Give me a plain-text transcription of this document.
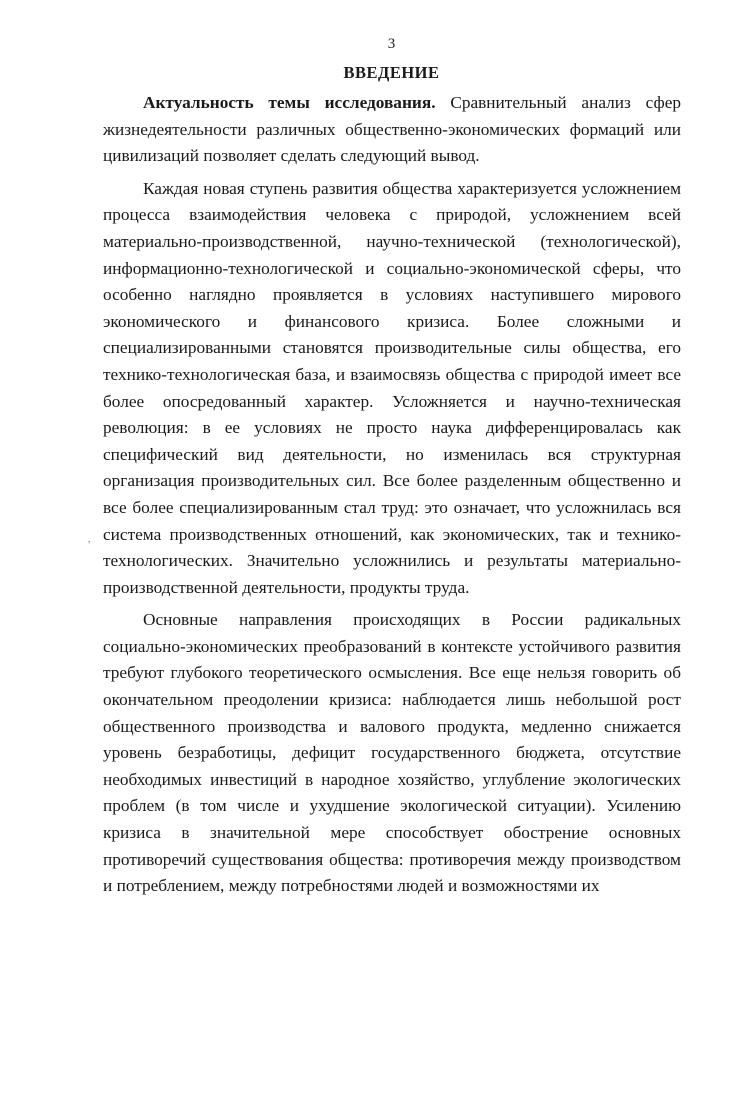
3
ВВЕДЕНИЕ

Актуальность темы исследования. Сравнительный анализ сфер жизнедеятельности различных общественно-экономических формаций или цивилизаций позволяет сделать следующий вывод.

Каждая новая ступень развития общества характеризуется усложнением процесса взаимодействия человека с природой, усложнением всей материально-производственной, научно-технической (технологической), информационно-технологической и социально-экономической сферы, что особенно наглядно проявляется в условиях наступившего мирового экономического и финансового кризиса. Более сложными и специализированными становятся производительные силы общества, его технико-технологическая база, и взаимосвязь общества с природой имеет все более опосредованный характер. Усложняется и научно-техническая революция: в ее условиях не просто наука дифференцировалась как специфический вид деятельности, но изменилась вся структурная организация производительных сил. Все более разделенным общественно и все более специализированным стал труд: это означает, что усложнилась вся система производственных отношений, как экономических, так и технико-технологических. Значительно усложнились и результаты материально-производственной деятельности, продукты труда.

Основные направления происходящих в России радикальных социально-экономических преобразований в контексте устойчивого развития требуют глубокого теоретического осмысления. Все еще нельзя говорить об окончательном преодолении кризиса: наблюдается лишь небольшой рост общественного производства и валового продукта, медленно снижается уровень безработицы, дефицит государственного бюджета, отсутствие необходимых инвестиций в народное хозяйство, углубление экологических проблем (в том числе и ухудшение экологической ситуации). Усилению кризиса в значительной мере способствует обострение основных противоречий существования общества: противоречия между производством и потреблением, между потребностями людей и возможностями их

,
